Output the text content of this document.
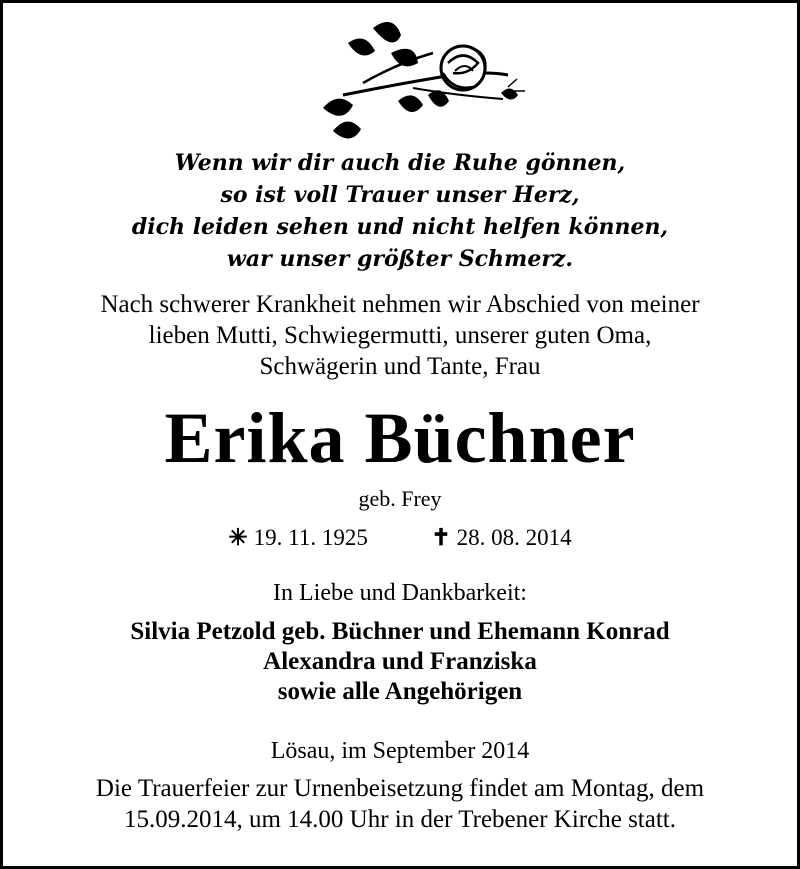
Wenn wir dir auch die Ruhe gönnen,
so ist voll Trauer unser Herz,
dich leiden sehen und nicht helfen können,
war unser größter Schmerz.
Nach schwerer Krankheit nehmen wir Abschied von meiner
lieben Mutti, Schwiegermutti, unserer guten Oma,
Schwägerin und Tante, Frau
Erika Büchner
geb. Frey
✳ 19. 11. 1925	✝ 28. 08. 2014
In Liebe und Dankbarkeit:
Silvia Petzold geb. Büchner und Ehemann Konrad
Alexandra und Franziska
sowie alle Angehörigen
Lösau, im September 2014
Die Trauerfeier zur Urnenbeisetzung findet am Montag, dem
15.09.2014, um 14.00 Uhr in der Trebener Kirche statt.
